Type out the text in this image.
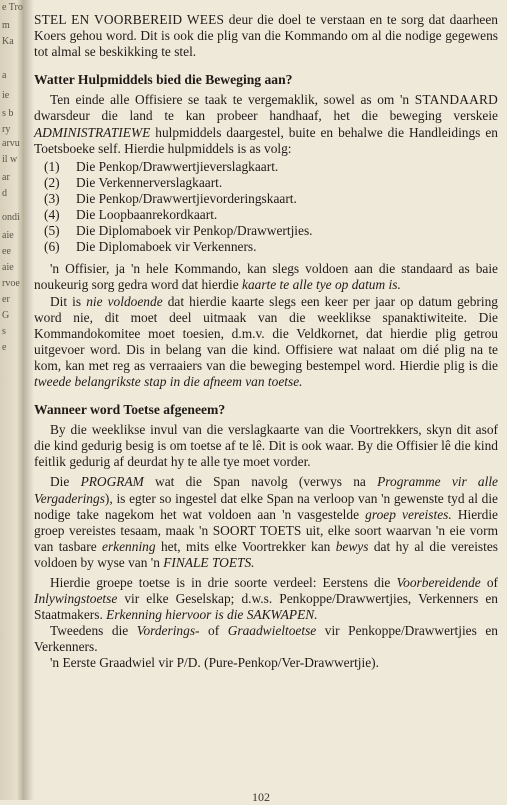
e Tro
m
Ka
a
ie
s b
ry
arvu
il w
ar
d
ondi
aie
ee
aie
rvoe
er
G
s
e

STEL EN VOORBEREID WEES deur die doel te verstaan en te sorg dat daarheen Koers gehou word. Dit is ook die plig van die Kommando om al die nodige gegewens tot almal se beskikking te stel.

Watter Hulpmiddels bied die Beweging aan?

Ten einde alle Offisiere se taak te vergemaklik, sowel as om 'n STANDAARD dwarsdeur die land te kan probeer handhaaf, het die beweging verskeie ADMINISTRATIEWE hulpmiddels daargestel, buite en behalwe die Handleidings en Toetsboeke self. Hierdie hulpmiddels is as volg:

(1)	Die Penkop/Drawwertjieverslagkaart.
(2)	Die Verkennerverslagkaart.
(3)	Die Penkop/Drawwertjievorderingskaart.
(4)	Die Loopbaanrekordkaart.
(5)	Die Diplomaboek vir Penkop/Drawwertjies.
(6)	Die Diplomaboek vir Verkenners.

'n Offisier, ja 'n hele Kommando, kan slegs voldoen aan die standaard as baie noukeurig sorg gedra word dat hierdie kaarte te alle tye op datum is.

Dit is nie voldoende dat hierdie kaarte slegs een keer per jaar op datum gebring word nie, dit moet deel uitmaak van die weeklikse spanaktiwiteite. Die Kommandokomitee moet toesien, d.m.v. die Veldkornet, dat hierdie plig getrou uitgevoer word. Dis in belang van die kind. Offisiere wat nalaat om dié plig na te kom, kan met reg as verraaiers van die beweging bestempel word. Hierdie plig is die tweede belangrikste stap in die afneem van toetse.

Wanneer word Toetse afgeneem?

By die weeklikse invul van die verslagkaarte van die Voortrekkers, skyn dit asof die kind gedurig besig is om toetse af te lê. Dit is ook waar. By die Offisier lê die kind feitlik gedurig af deurdat hy te alle tye moet vorder.

Die PROGRAM wat die Span navolg (verwys na Programme vir alle Vergaderings), is egter so ingestel dat elke Span na verloop van 'n gewenste tyd al die nodige take nagekom het wat voldoen aan 'n vasgestelde groep vereistes. Hierdie groep vereistes tesaam, maak 'n SOORT TOETS uit, elke soort waarvan 'n eie vorm van tasbare erkenning het, mits elke Voortrekker kan bewys dat hy al die vereistes voldoen by wyse van 'n FINALE TOETS.

Hierdie groepe toetse is in drie soorte verdeel: Eerstens die Voorbereidende of Inlywingstoetse vir elke Geselskap; d.w.s. Penkoppe/Drawwertjies, Verkenners en Staatmakers. Erkenning hiervoor is die SAKWAPEN.

Tweedens die Vorderings- of Graadwieltoetse vir Penkoppe/Drawwertjies en Verkenners.

'n Eerste Graadwiel vir P/D. (Pure-Penkop/Ver-Drawwertjie).

102
